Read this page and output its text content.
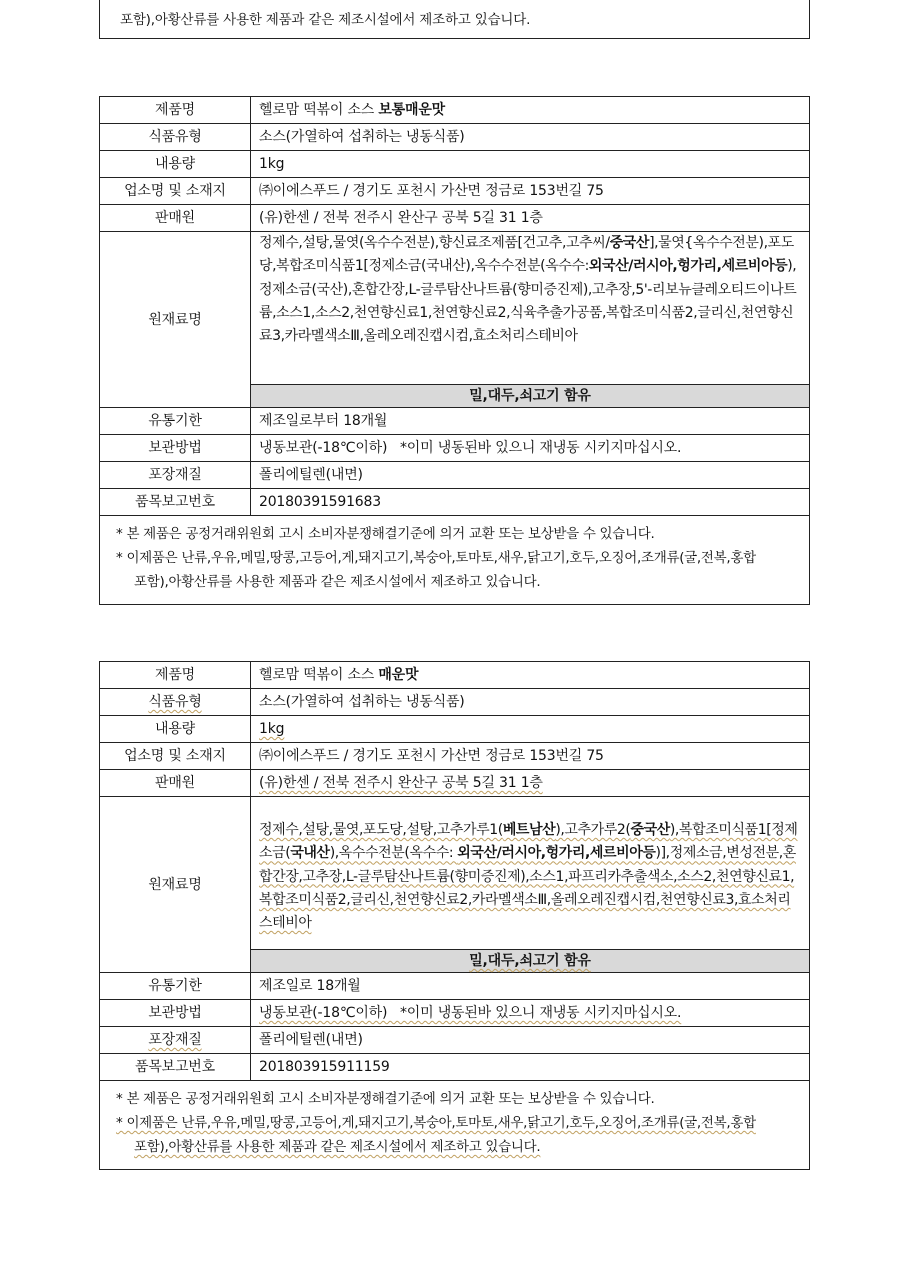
포함),아황산류를 사용한 제품과 같은 제조시설에서 제조하고 있습니다.
제품명	헬로맘 떡볶이 소스 보통매운맛
식품유형	소스(가열하여 섭취하는 냉동식품)
내용량	1kg
업소명 및 소재지	㈜이에스푸드 / 경기도 포천시 가산면 정금로 153번길 75
판매원	(유)한센 / 전북 전주시 완산구 공북 5길 31 1층
원재료명	정제수,설탕,물엿(옥수수전분),향신료조제품[건고추,고추씨/중국산],물엿{옥수수전분),포도당,복합조미식품1[정제소금(국내산),옥수수전분(옥수수:외국산/러시아,헝가리,세르비아등),정제소금(국산),혼합간장,L-글루탐산나트륨(향미증진제),고추장,5'-리보뉴클레오티드이나트륨,소스1,소스2,천연향신료1,천연향신료2,식육추출가공품,복합조미식품2,글리신,천연향신료3,카라멜색소Ⅲ,올레오레진캡시컴,효소처리스테비아
밀,대두,쇠고기 함유

유통기한	제조일로부터 18개월
보관방법	냉동보관(-18℃이하)   *이미 냉동된바 있으니 재냉동 시키지마십시오.
포장재질	폴리에틸렌(내면)
품목보고번호	20180391591683
* 본 제품은 공정거래위원회 고시 소비자분쟁해결기준에 의거 교환 또는 보상받을 수 있습니다.
* 이제품은 난류,우유,메밀,땅콩,고등어,게,돼지고기,복숭아,토마토,새우,닭고기,호두,오징어,조개류(굴,전복,홍합
포함),아황산류를 사용한 제품과 같은 제조시설에서 제조하고 있습니다.
제품명	헬로맘 떡볶이 소스 매운맛
식품유형	소스(가열하여 섭취하는 냉동식품)
내용량	1kg
업소명 및 소재지	㈜이에스푸드 / 경기도 포천시 가산면 정금로 153번길 75
판매원	(유)한센 / 전북 전주시 완산구 공북 5길 31 1층
원재료명	정제수,설탕,물엿,포도당,설탕,고추가루1(베트남산),고추가루2(중국산),복합조미식품1[정제소금(국내산),옥수수전분(옥수수: 외국산/러시아,헝가리,세르비아등)],정제소금,변성전분,혼합간장,고추장,L-글루탐산나트륨(향미증진제),소스1,파프리카추출색소,소스2,천연향신료1,복합조미식품2,글리신,천연향신료2,카라멜색소Ⅲ,올레오레진캡시컴,천연향신료3,효소처리스테비아
밀,대두,쇠고기 함유

유통기한	제조일로 18개월
보관방법	냉동보관(-18℃이하)   *이미 냉동된바 있으니 재냉동 시키지마십시오.
포장재질	폴리에틸렌(내면)
품목보고번호	201803915911159
* 본 제품은 공정거래위원회 고시 소비자분쟁해결기준에 의거 교환 또는 보상받을 수 있습니다.
* 이제품은 난류,우유,메밀,땅콩,고등어,게,돼지고기,복숭아,토마토,새우,닭고기,호두,오징어,조개류(굴,전복,홍합
포함),아황산류를 사용한 제품과 같은 제조시설에서 제조하고 있습니다.
